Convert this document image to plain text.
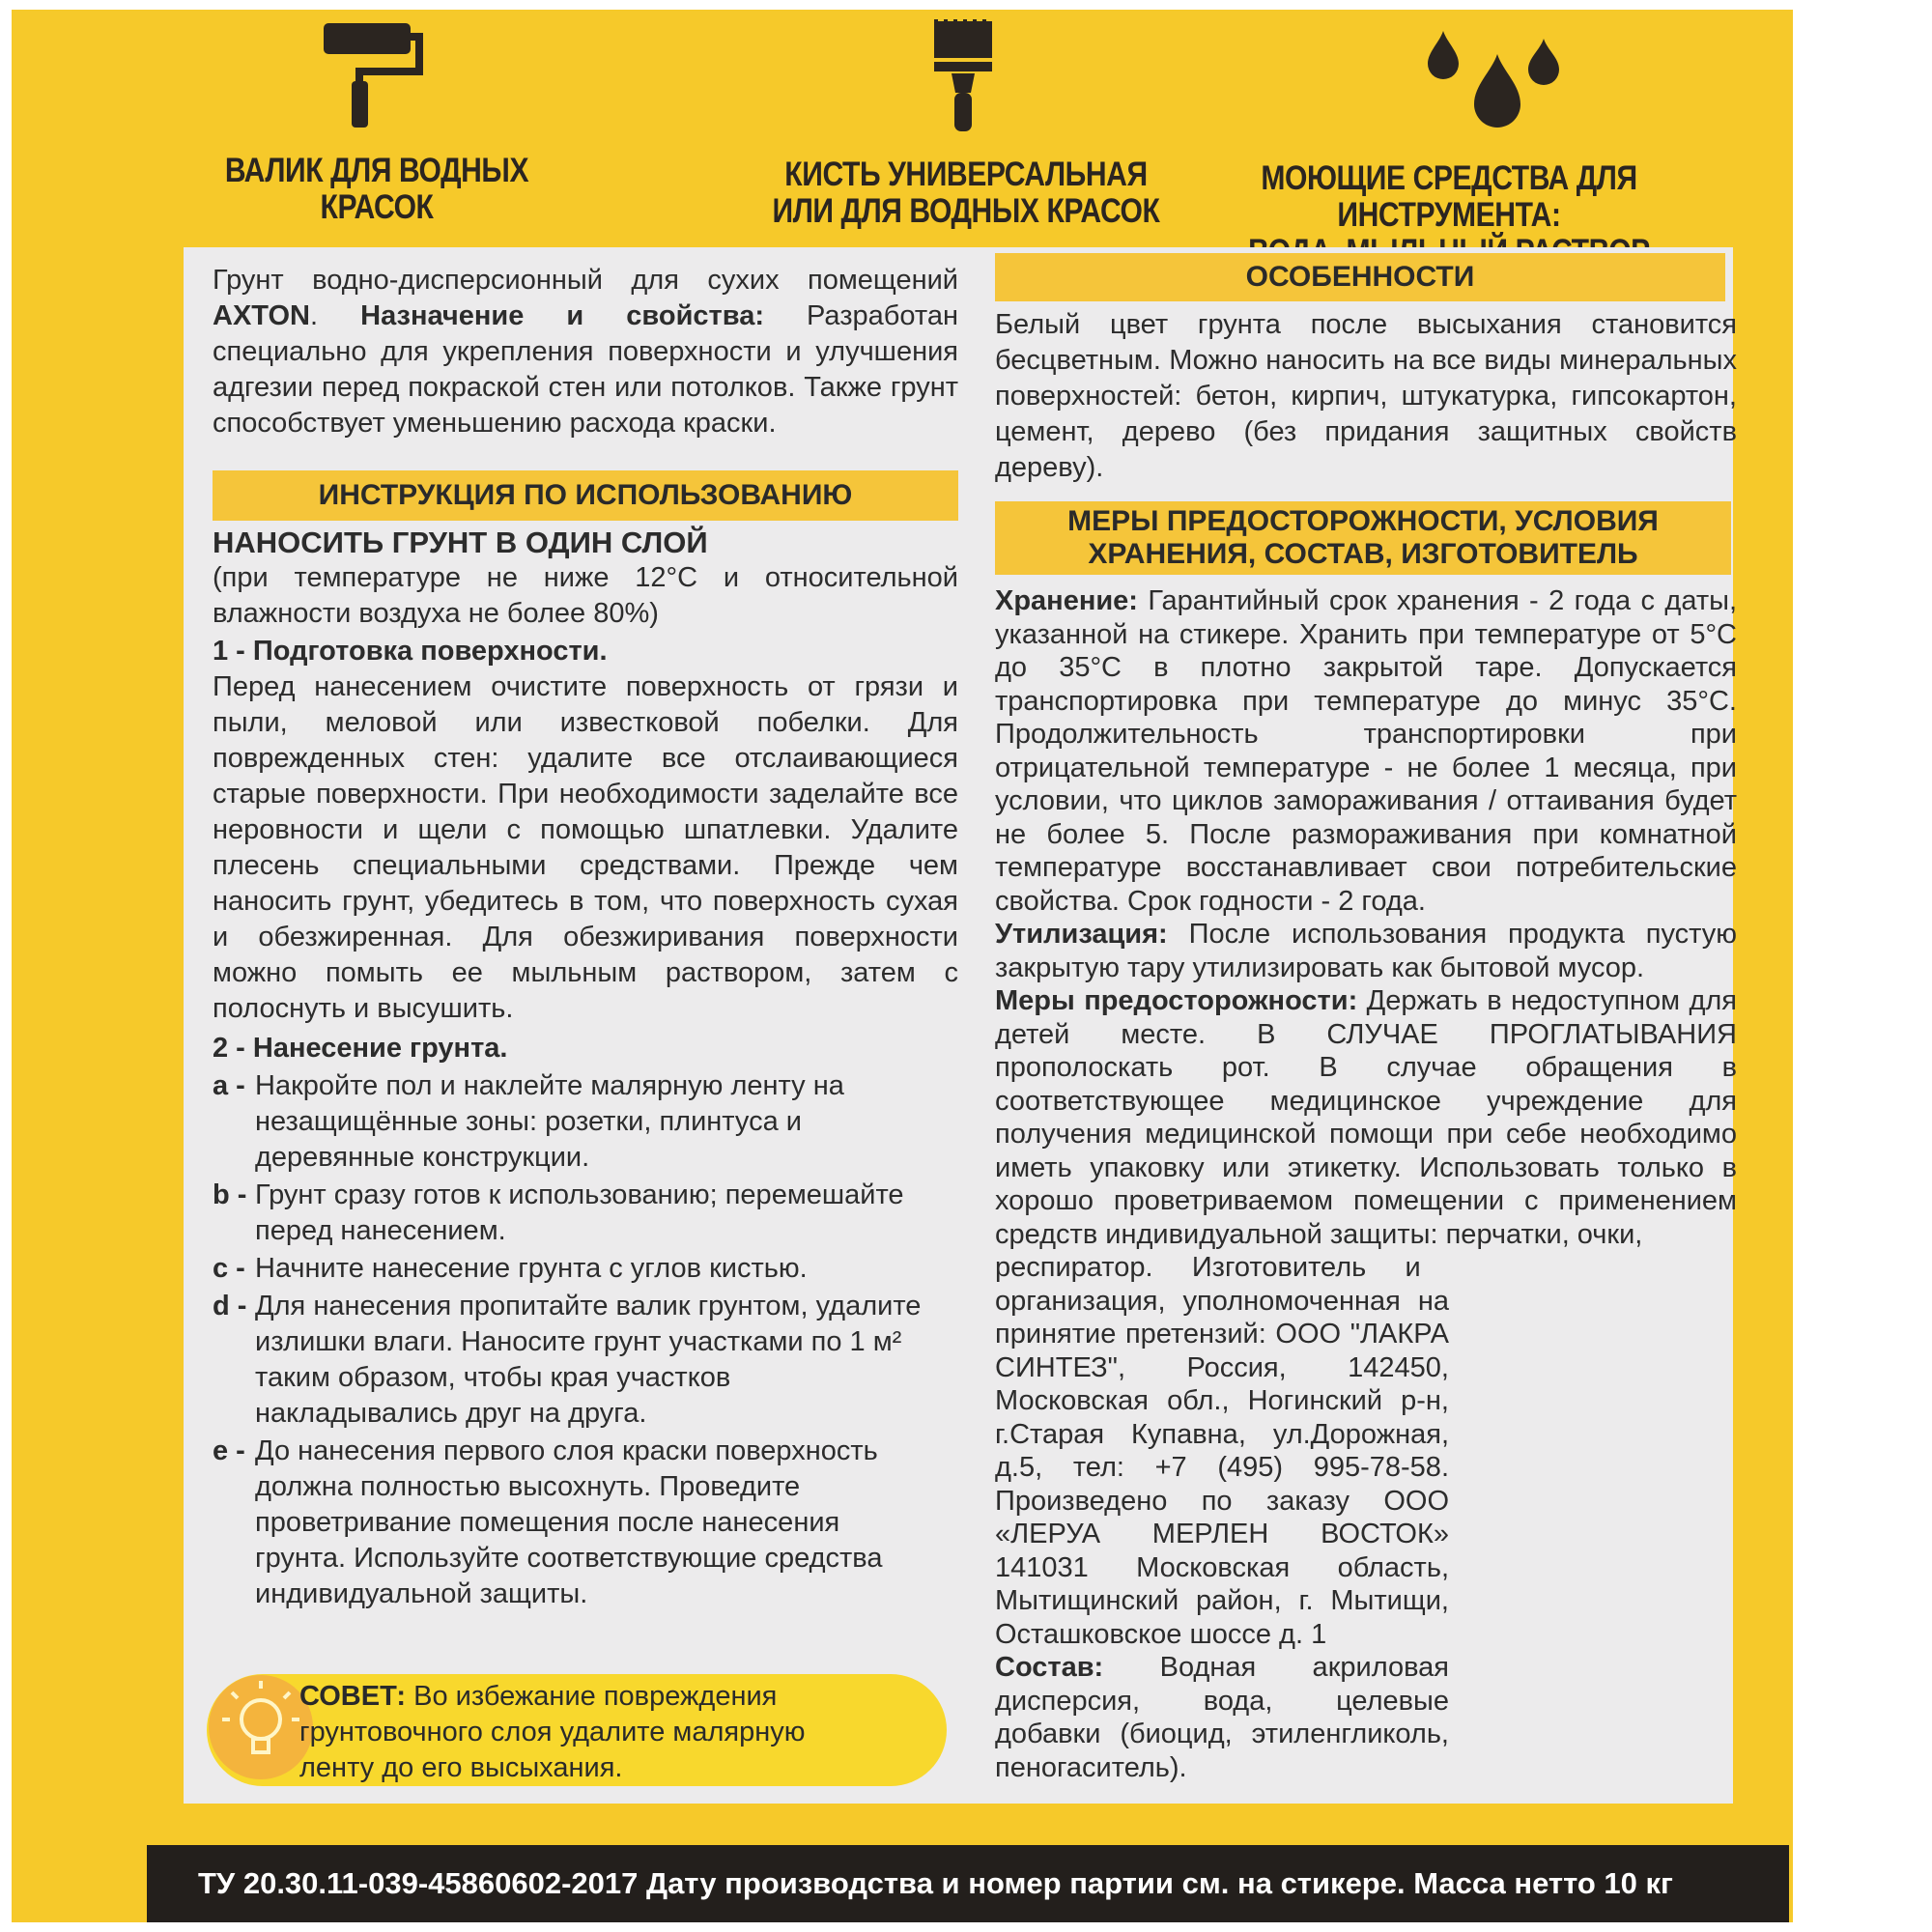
ВАЛИК ДЛЯ ВОДНЫХ
КРАСОК
КИСТЬ УНИВЕРСАЛЬНАЯ
ИЛИ ДЛЯ ВОДНЫХ КРАСОК
МОЮЩИЕ СРЕДСТВА ДЛЯ ИНСТРУМЕНТА:

Грунт водно-дисперсионный для сухих помещений AXTON. Назначение и свойства: Разработан специально для укрепления поверхности и улучшения адгезии перед покраской стен или потолков. Также грунт способствует уменьшению расхода краски.

ИНСТРУКЦИЯ ПО ИСПОЛЬЗОВАНИЮ
НАНОСИТЬ ГРУНТ В ОДИН СЛОЙ

(при температуре не ниже 12°С и относительной влажности воздуха не более 80%)

1 - Подготовка поверхности.

Перед нанесением очистите поверхность от грязи и пыли, меловой или известковой побелки. Для поврежденных стен: удалите все отслаивающиеся старые поверхности. При необходимости заделайте все неровности и щели с помощью шпатлевки. Удалите плесень специальными средствами. Прежде чем наносить грунт, убедитесь в том, что поверхность сухая и обезжиренная. Для обезжиривания поверхности можно помыть ее мыльным раствором, затем с полоснуть и высушить.

2 - Нанесение грунта.
a - Накройте пол и наклейте малярную ленту на
незащищённые зоны: розетки, плинтуса и
деревянные конструкции.
b - Грунт сразу готов к использованию; перемешайте
перед нанесением.
c - Начните нанесение грунта с углов кистью.
d - Для нанесения пропитайте валик грунтом, удалите
излишки влаги. Наносите грунт участками по 1 м²
таким образом, чтобы края участков
накладывались друг на друга.
e - До нанесения первого слоя краски поверхность
должна полностью высохнуть. Проведите
проветривание помещения после нанесения
грунта. Используйте соответствующие средства
индивидуальной защиты.
СОВЕТ: Во избежание повреждения грунтовочного слоя удалите малярную ленту до его высыхания.
ОСОБЕННОСТИ

Белый цвет грунта после высыхания становится бесцветным. Можно наносить на все виды минеральных поверхностей: бетон, кирпич, штукатурка, гипсокартон, цемент, дерево (без придания защитных свойств дереву).

МЕРЫ ПРЕДОСТОРОЖНОСТИ, УСЛОВИЯ
ХРАНЕНИЯ, СОСТАВ, ИЗГОТОВИТЕЛЬ

Хранение: Гарантийный срок хранения - 2 года с даты, указанной на стикере. Хранить при температуре от 5°С до 35°С в плотно закрытой таре. Допускается транспортировка при температуре до минус 35°С. Продолжительность транспортировки при отрицательной температуре - не более 1 месяца, при условии, что циклов замораживания / оттаивания будет не более 5. После размораживания при комнатной температуре восстанавливает свои потребительские свойства. Срок годности - 2 года.

Утилизация: После использования продукта пустую закрытую тару утилизировать как бытовой мусор.

Меры предосторожности: Держать в недоступном для детей месте. В СЛУЧАЕ ПРОГЛАТЫВАНИЯ прополоскать рот. В случае обращения в соответствующее медицинское учреждение для получения медицинской помощи при себе необходимо иметь упаковку или этикетку. Использовать только в хорошо проветриваемом помещении с применением средств индивидуальной защиты: перчатки, очки,

респиратор.     Изготовитель     и

организация, уполномоченная на принятие претензий: ООО "ЛАКРА СИНТЕЗ", Россия, 142450, Московская обл., Ногинский р-н, г.Старая Купавна, ул.Дорожная, д.5, тел: +7 (495) 995-78-58. Произведено по заказу ООО «ЛЕРУА МЕРЛЕН ВОСТОК» 141031 Московская область, Мытищинский район, г. Мытищи, Осташковское шоссе д. 1

Состав: Водная акриловая дисперсия, вода, целевые добавки (биоцид, этиленгликоль, пеногаситель).

ТУ 20.30.11-039-45860602-2017 Дату производства и номер партии см. на стикере. Масса нетто 10 кг
